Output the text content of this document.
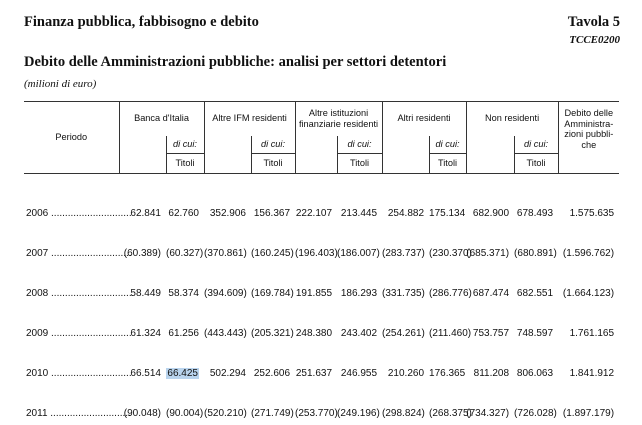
Finanza pubblica, fabbisogno e debito	Tavola 5
TCCE0200
Debito delle Amministrazioni pubbliche: analisi per settori detentori
(milioni di euro)
Periodo	Banca d'Italia		Altre IFM residenti		Altre istituzioni finanziarie residenti		Altri residenti		Non residenti		Debito delle Amministra-zioni pubbli-che
		di cui:		di cui:		di cui:		di cui:		di cui:	
		Titoli		Titoli		Titoli		Titoli		Titoli	
2006 .............................	62.841	62.760	352.906	156.367	222.107	213.445	254.882	175.134	682.900	678.493	1.575.635
2007 .............................	(60.389)	(60.327)	(370.861)	(160.245)	(196.403)	(186.007)	(283.737)	(230.370)	(685.371)	(680.891)	(1.596.762)
2008 .............................	58.449	58.374	(394.609)	(169.784)	191.855	186.293	(331.735)	(286.776)	687.474	682.551	(1.664.123)
2009 .............................	61.324	61.256	(443.443)	(205.321)	248.380	243.402	(254.261)	(211.460)	753.757	748.597	1.761.165
2010 .............................	66.514	66.425	502.294	252.606	251.637	246.955	210.260	176.365	811.208	806.063	1.841.912
2011 .............................	(90.048)	(90.004)	(520.210)	(271.749)	(253.770)	(249.196)	(298.824)	(268.375)	(734.327)	(726.028)	(1.897.179)
